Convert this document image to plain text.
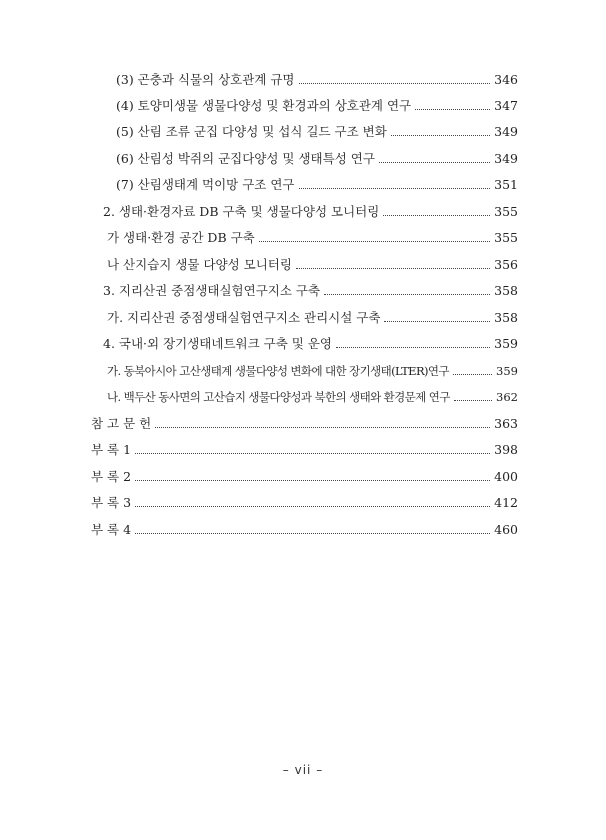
(3) 곤충과 식물의 상호관계 규명	346
(4) 토양미생물 생물다양성 및 환경과의 상호관계 연구	347
(5) 산림 조류 군집 다양성 및 섭식 길드 구조 변화	349
(6) 산림성 박쥐의 군집다양성 및 생태특성 연구	349
(7) 산림생태계 먹이망 구조 연구	351
2. 생태·환경자료 DB 구축 및 생물다양성 모니터링	355
가 생태·환경 공간 DB 구축	355
나 산지습지 생물 다양성 모니터링	356
3. 지리산권 중점생태실험연구지소 구축	358
가. 지리산권 중점생태실험연구지소 관리시설 구축	358
4. 국내·외 장기생태네트워크 구축 및 운영	359
가. 동북아시아 고산생태계 생물다양성 변화에 대한 장기생태(LTER)연구	359
나. 백두산 동사면의 고산습지 생물다양성과 북한의 생태와 환경문제 연구	362
참 고 문 헌	363
부 록 1	398
부 록 2	400
부 록 3	412
부 록 4	460
– vii –
